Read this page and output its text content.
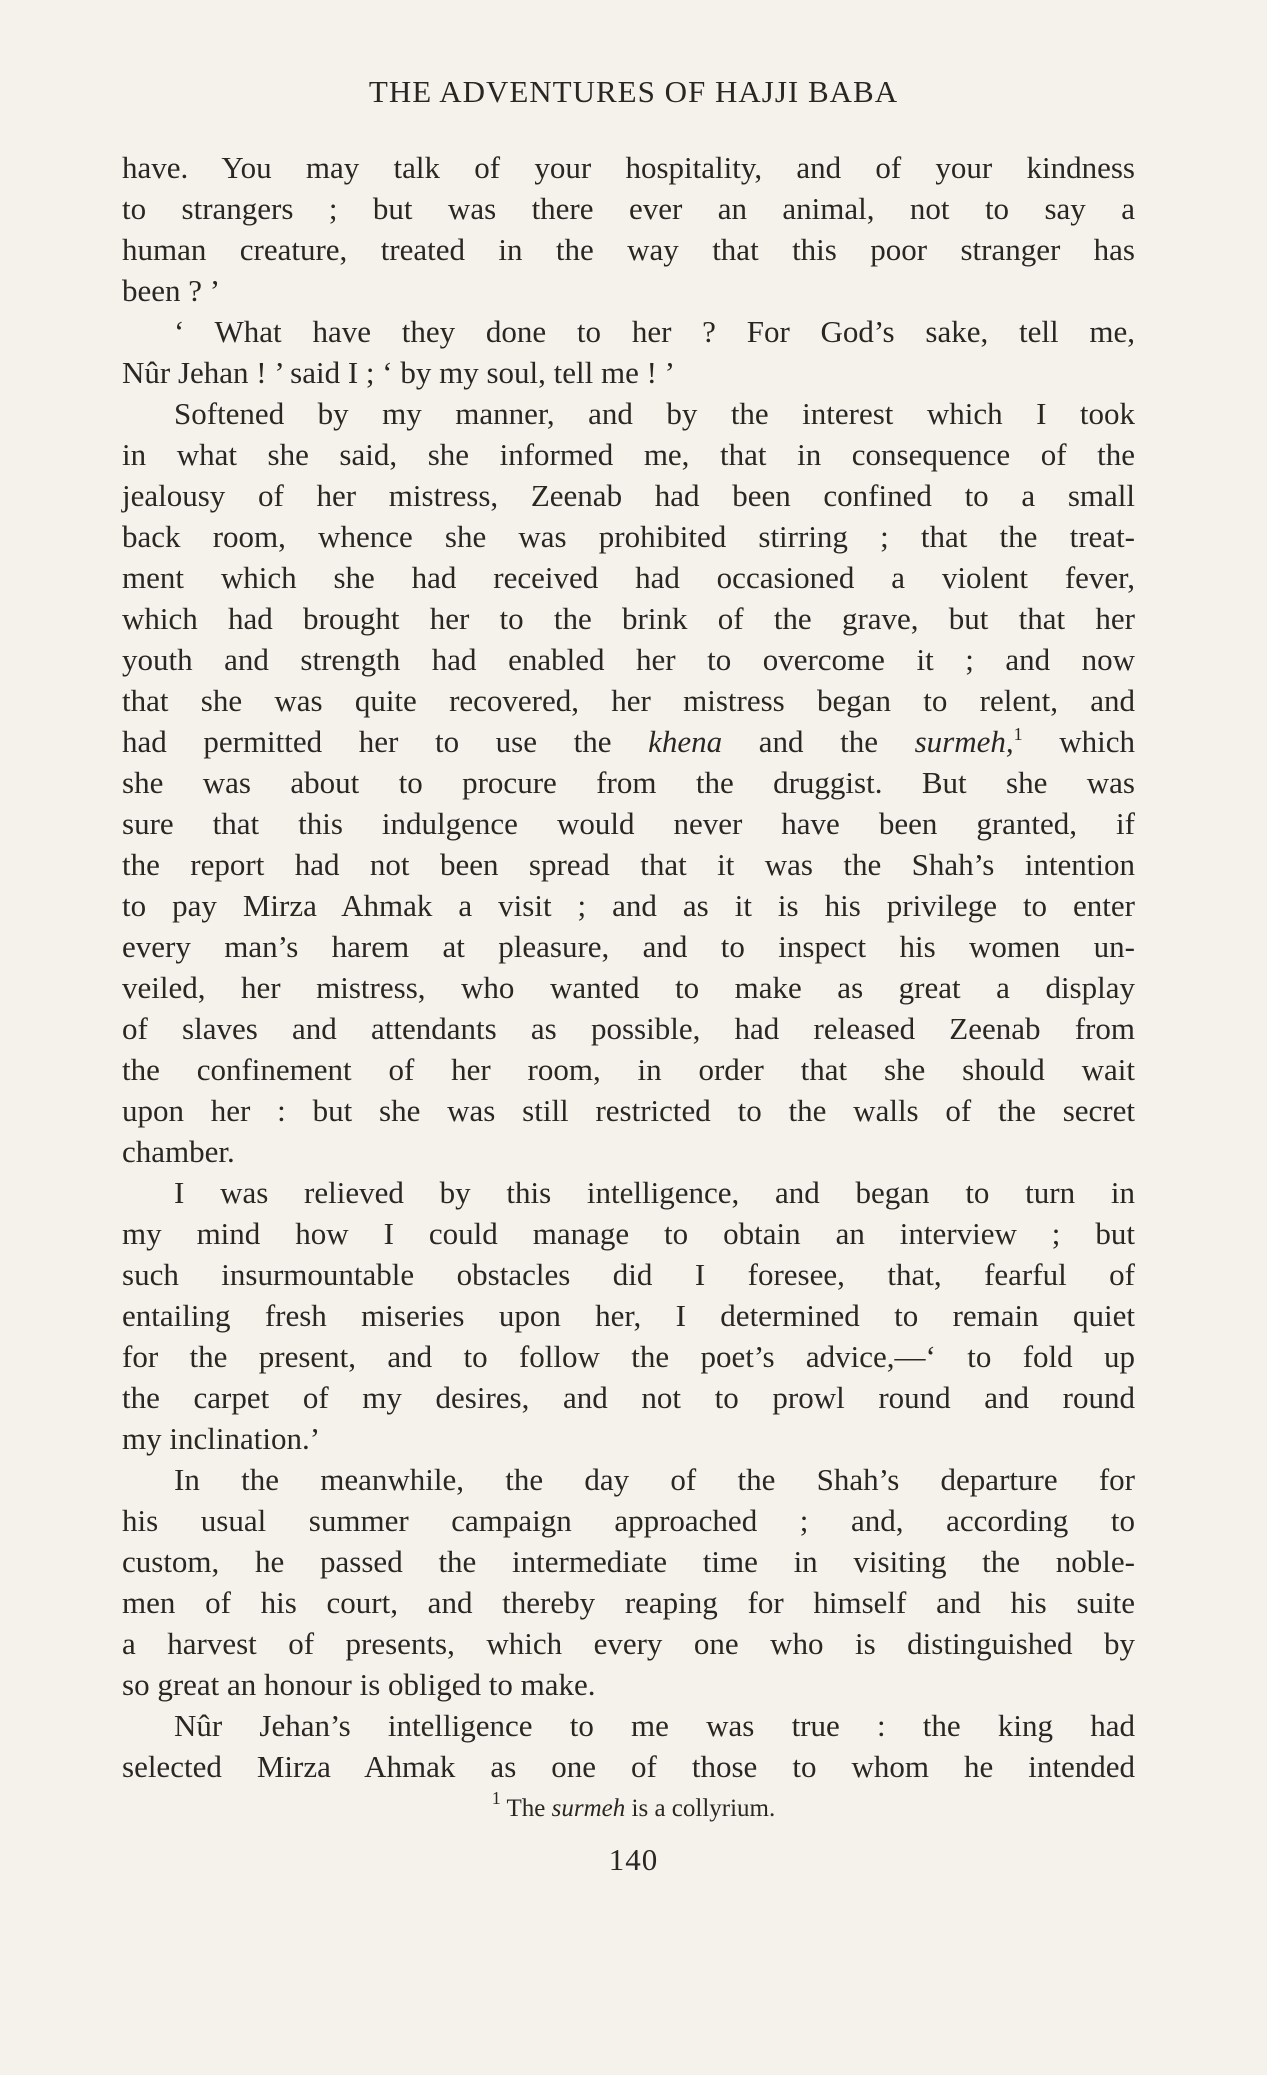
THE ADVENTURES OF HAJJI BABA
have. You may talk of your hospitality, and of your kindness
to strangers ; but was there ever an animal, not to say a
human creature, treated in the way that this poor stranger has
been ? ’
‘ What have they done to her ? For God’s sake, tell me,
Nûr Jehan ! ’ said I ; ‘ by my soul, tell me ! ’
Softened by my manner, and by the interest which I took
in what she said, she informed me, that in consequence of the
jealousy of her mistress, Zeenab had been confined to a small
back room, whence she was prohibited stirring ; that the treat-
ment which she had received had occasioned a violent fever,
which had brought her to the brink of the grave, but that her
youth and strength had enabled her to overcome it ; and now
that she was quite recovered, her mistress began to relent, and
had permitted her to use the khena and the surmeh,$^1$ which
she was about to procure from the druggist. But she was
sure that this indulgence would never have been granted, if
the report had not been spread that it was the Shah’s intention
to pay Mirza Ahmak a visit ; and as it is his privilege to enter
every man’s harem at pleasure, and to inspect his women un-
veiled, her mistress, who wanted to make as great a display
of slaves and attendants as possible, had released Zeenab from
the confinement of her room, in order that she should wait
upon her : but she was still restricted to the walls of the secret
chamber.
I was relieved by this intelligence, and began to turn in
my mind how I could manage to obtain an interview ; but
such insurmountable obstacles did I foresee, that, fearful of
entailing fresh miseries upon her, I determined to remain quiet
for the present, and to follow the poet’s advice,—‘ to fold up
the carpet of my desires, and not to prowl round and round
my inclination.’
In the meanwhile, the day of the Shah’s departure for
his usual summer campaign approached ; and, according to
custom, he passed the intermediate time in visiting the noble-
men of his court, and thereby reaping for himself and his suite
a harvest of presents, which every one who is distinguished by
so great an honour is obliged to make.
Nûr Jehan’s intelligence to me was true : the king had
selected Mirza Ahmak as one of those to whom he intended
$^1$ The surmeh is a collyrium.
140
